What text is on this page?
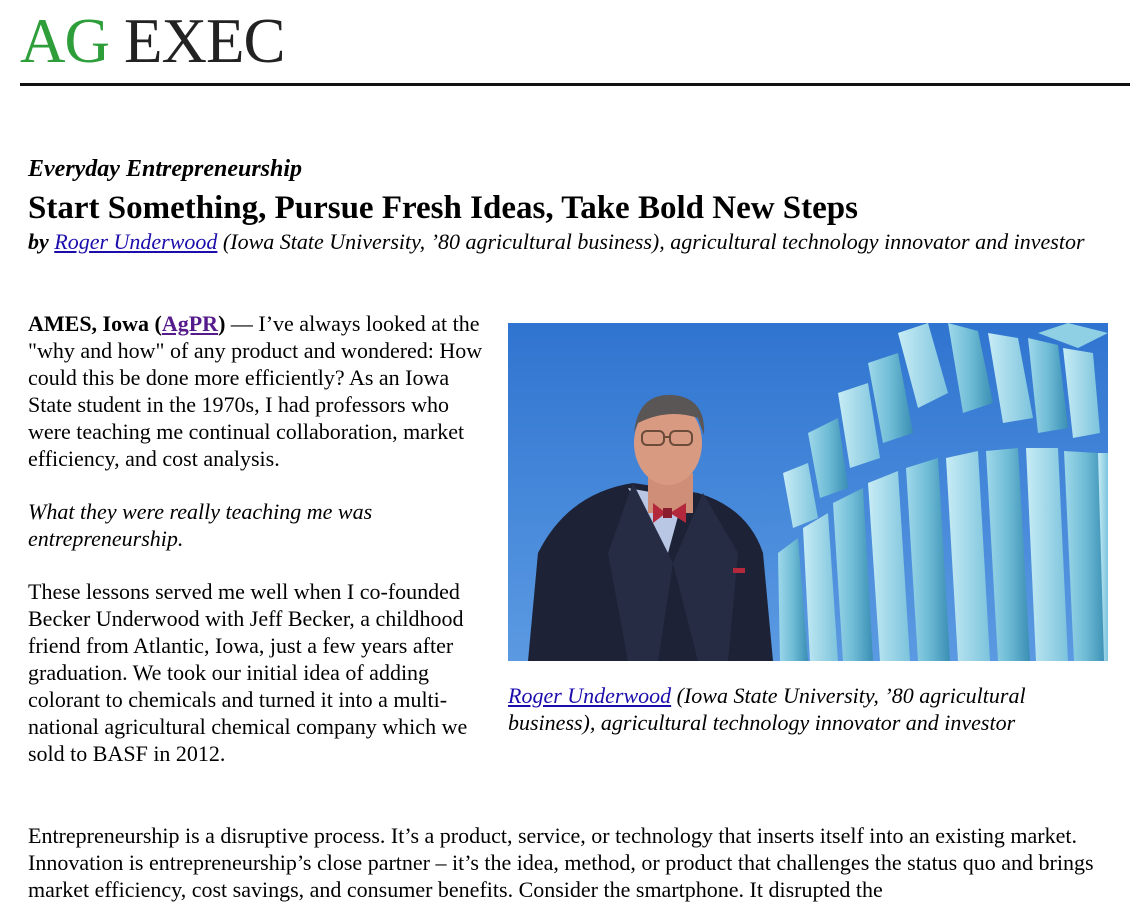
AG EXEC
Everyday Entrepreneurship
Start Something, Pursue Fresh Ideas, Take Bold New Steps
by Roger Underwood (Iowa State University, ’80 agricultural business), agricultural technology innovator and investor

AMES, Iowa (AgPR) — I’ve always looked at the "why and how" of any product and wondered: How could this be done more efficiently? As an Iowa State student in the 1970s, I had professors who were teaching me continual collaboration, market efficiency, and cost analysis.

What they were really teaching me was entrepreneurship.

These lessons served me well when I co-founded Becker Underwood with Jeff Becker, a childhood friend from Atlantic, Iowa, just a few years after graduation. We took our initial idea of adding colorant to chemicals and turned it into a multi-national agricultural chemical company which we sold to BASF in 2012.

Roger Underwood (Iowa State University, ’80 agricultural business), agricultural technology innovator and investor

Entrepreneurship is a disruptive process. It’s a product, service, or technology that inserts itself into an existing market. Innovation is entrepreneurship’s close partner – it’s the idea, method, or product that challenges the status quo and brings market efficiency, cost savings, and consumer benefits. Consider the smartphone. It disrupted the
